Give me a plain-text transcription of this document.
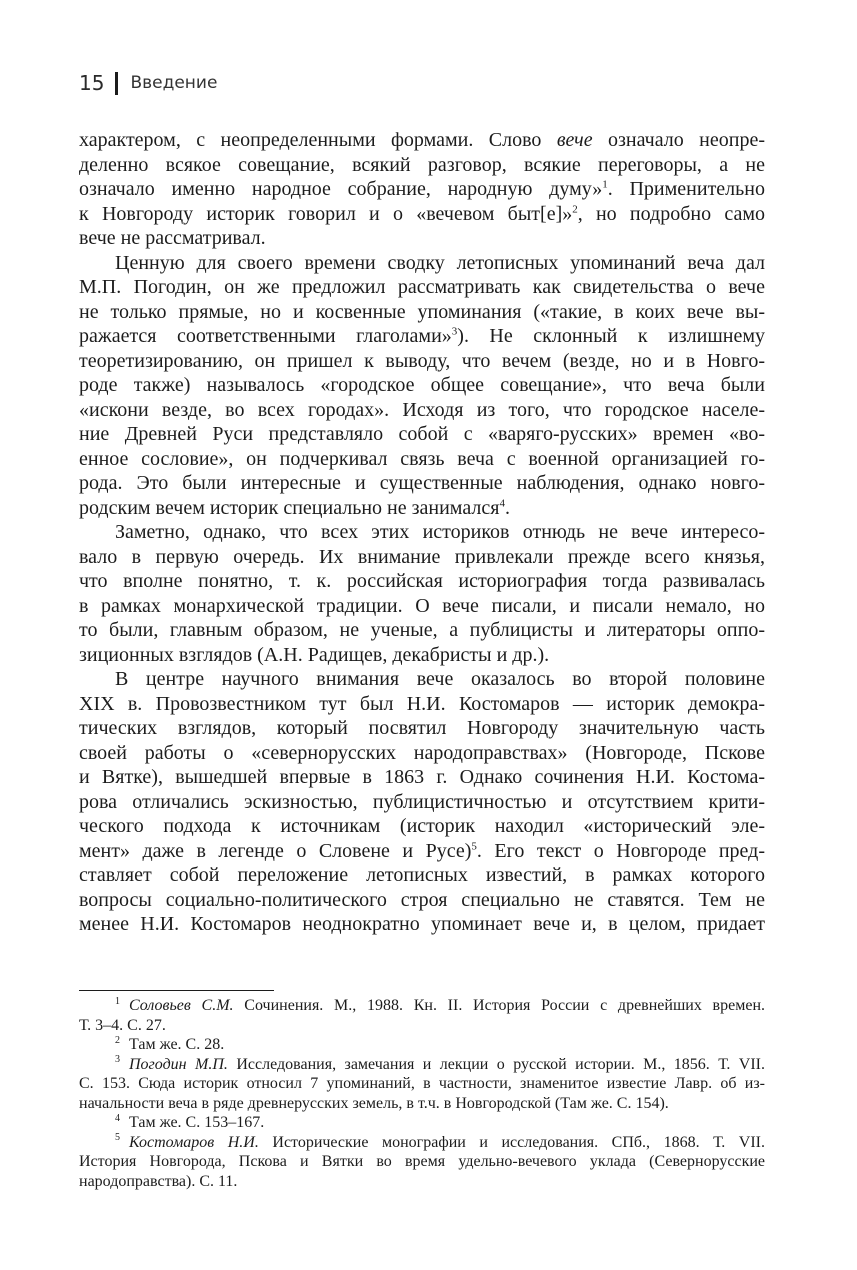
15 Введение
характером, с неопределенными формами. Слово вече означало неопре-
деленно всякое совещание, всякий разговор, всякие переговоры, а не
означало именно народное собрание, народную думу»$^1$. Применительно
к Новгороду историк говорил и о «вечевом быт[е]»$^2$, но подробно само
вече не рассматривал.
Ценную для своего времени сводку летописных упоминаний веча дал
М.П. Погодин, он же предложил рассматривать как свидетельства о вече
не только прямые, но и косвенные упоминания («такие, в коих вече вы-
ражается соответственными глаголами»$^3$). Не склонный к излишнему
теоретизированию, он пришел к выводу, что вечем (везде, но и в Новго-
роде также) называлось «городское общее совещание», что веча были
«искони везде, во всех городах». Исходя из того, что городское населе-
ние Древней Руси представляло собой с «варяго-русских» времен «во-
енное сословие», он подчеркивал связь веча с военной организацией го-
рода. Это были интересные и существенные наблюдения, однако новго-
родским вечем историк специально не занимался$^4$.
Заметно, однако, что всех этих историков отнюдь не вече интересо-
вало в первую очередь. Их внимание привлекали прежде всего князья,
что вполне понятно, т. к. российская историография тогда развивалась
в рамках монархической традиции. О вече писали, и писали немало, но
то были, главным образом, не ученые, а публицисты и литераторы оппо-
зиционных взглядов (А.Н. Радищев, декабристы и др.).
В центре научного внимания вече оказалось во второй половине
XIX в. Провозвестником тут был Н.И. Костомаров — историк демокра-
тических взглядов, который посвятил Новгороду значительную часть
своей работы о «севернорусских народоправствах» (Новгороде, Пскове
и Вятке), вышедшей впервые в 1863 г. Однако сочинения Н.И. Костома-
рова отличались эскизностью, публицистичностью и отсутствием крити-
ческого подхода к источникам (историк находил «исторический эле-
мент» даже в легенде о Словене и Русе)$^5$. Его текст о Новгороде пред-
ставляет собой переложение летописных известий, в рамках которого
вопросы социально-политического строя специально не ставятся. Тем не
менее Н.И. Костомаров неоднократно упоминает вече и, в целом, придает
$^1$ Соловьев С.М. Сочинения. М., 1988. Кн. II. История России с древнейших времен.
Т. 3–4. С. 27.
$^2$ Там же. С. 28.
$^3$ Погодин М.П. Исследования, замечания и лекции о русской истории. М., 1856. Т. VII.
С. 153. Сюда историк относил 7 упоминаний, в частности, знаменитое известие Лавр. об из-
начальности веча в ряде древнерусских земель, в т.ч. в Новгородской (Там же. С. 154).
$^4$ Там же. С. 153–167.
$^5$ Костомаров Н.И. Исторические монографии и исследования. СПб., 1868. Т. VII.
История Новгорода, Пскова и Вятки во время удельно-вечевого уклада (Севернорусские
народоправства). С. 11.
